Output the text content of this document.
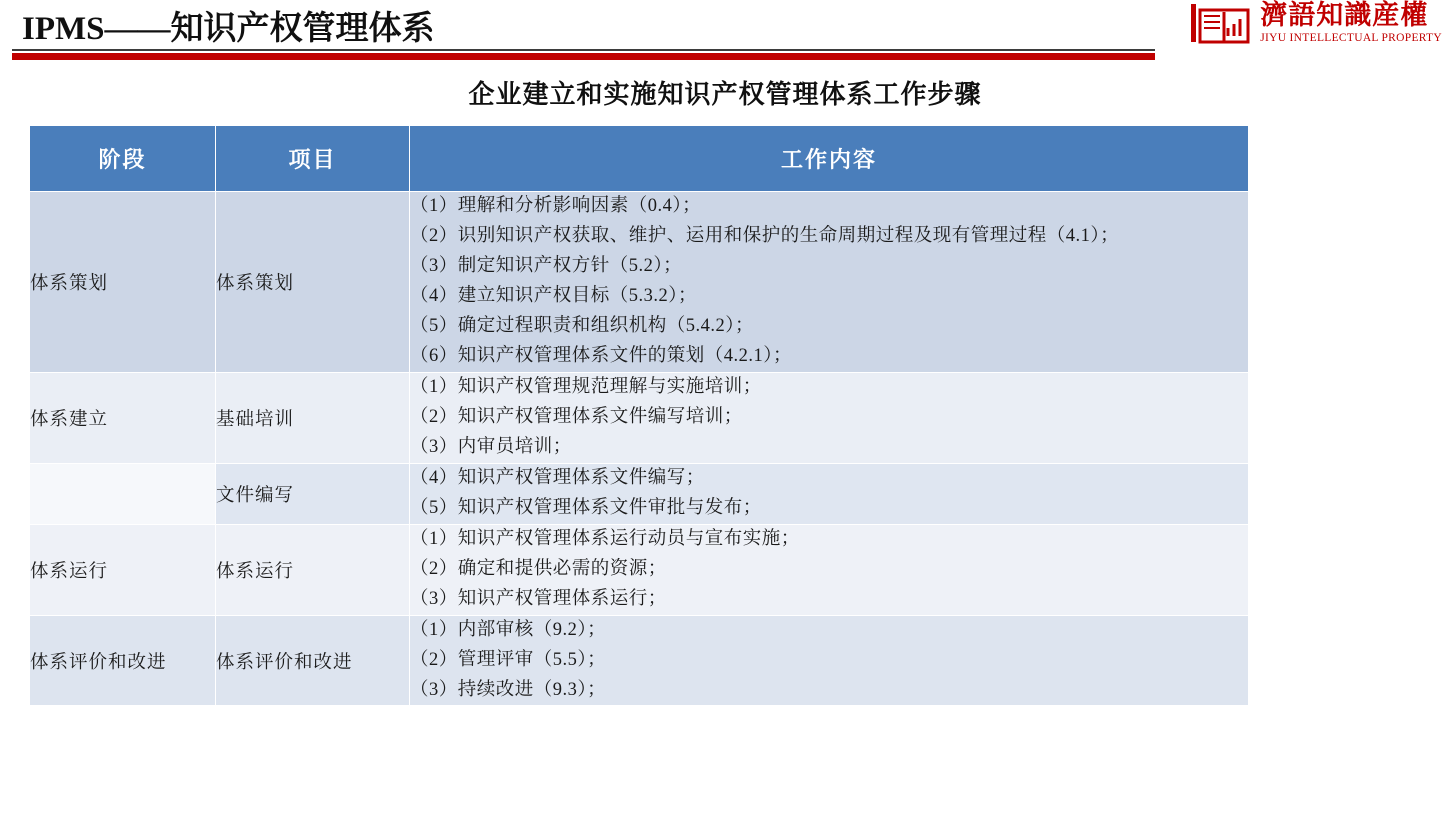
IPMS——知识产权管理体系	濟語知識産權
JIYU INTELLECTUAL PROPERTY
企业建立和实施知识产权管理体系工作步骤
阶段	项目	工作内容
体系策划	体系策划	
（1）理解和分析影响因素（0.4）；
（2）识别知识产权获取、维护、运用和保护的生命周期过程及现有管理过程（4.1）；
（3）制定知识产权方针（5.2）；
（4）建立知识产权目标（5.3.2）；
（5）确定过程职责和组织机构（5.4.2）；
（6）知识产权管理体系文件的策划（4.2.1）；

体系建立	基础培训	（1）知识产权管理规范理解与实施培训；
（2）知识产权管理体系文件编写培训；
（3）内审员培训；

	文件编写	（4）知识产权管理体系文件编写；
（5）知识产权管理体系文件审批与发布；

体系运行	体系运行	（1）知识产权管理体系运行动员与宣布实施；
（2）确定和提供必需的资源；
（3）知识产权管理体系运行；

体系评价和改进	体系评价和改进	（1）内部审核（9.2）；
（2）管理评审（5.5）；
（3）持续改进（9.3）；
